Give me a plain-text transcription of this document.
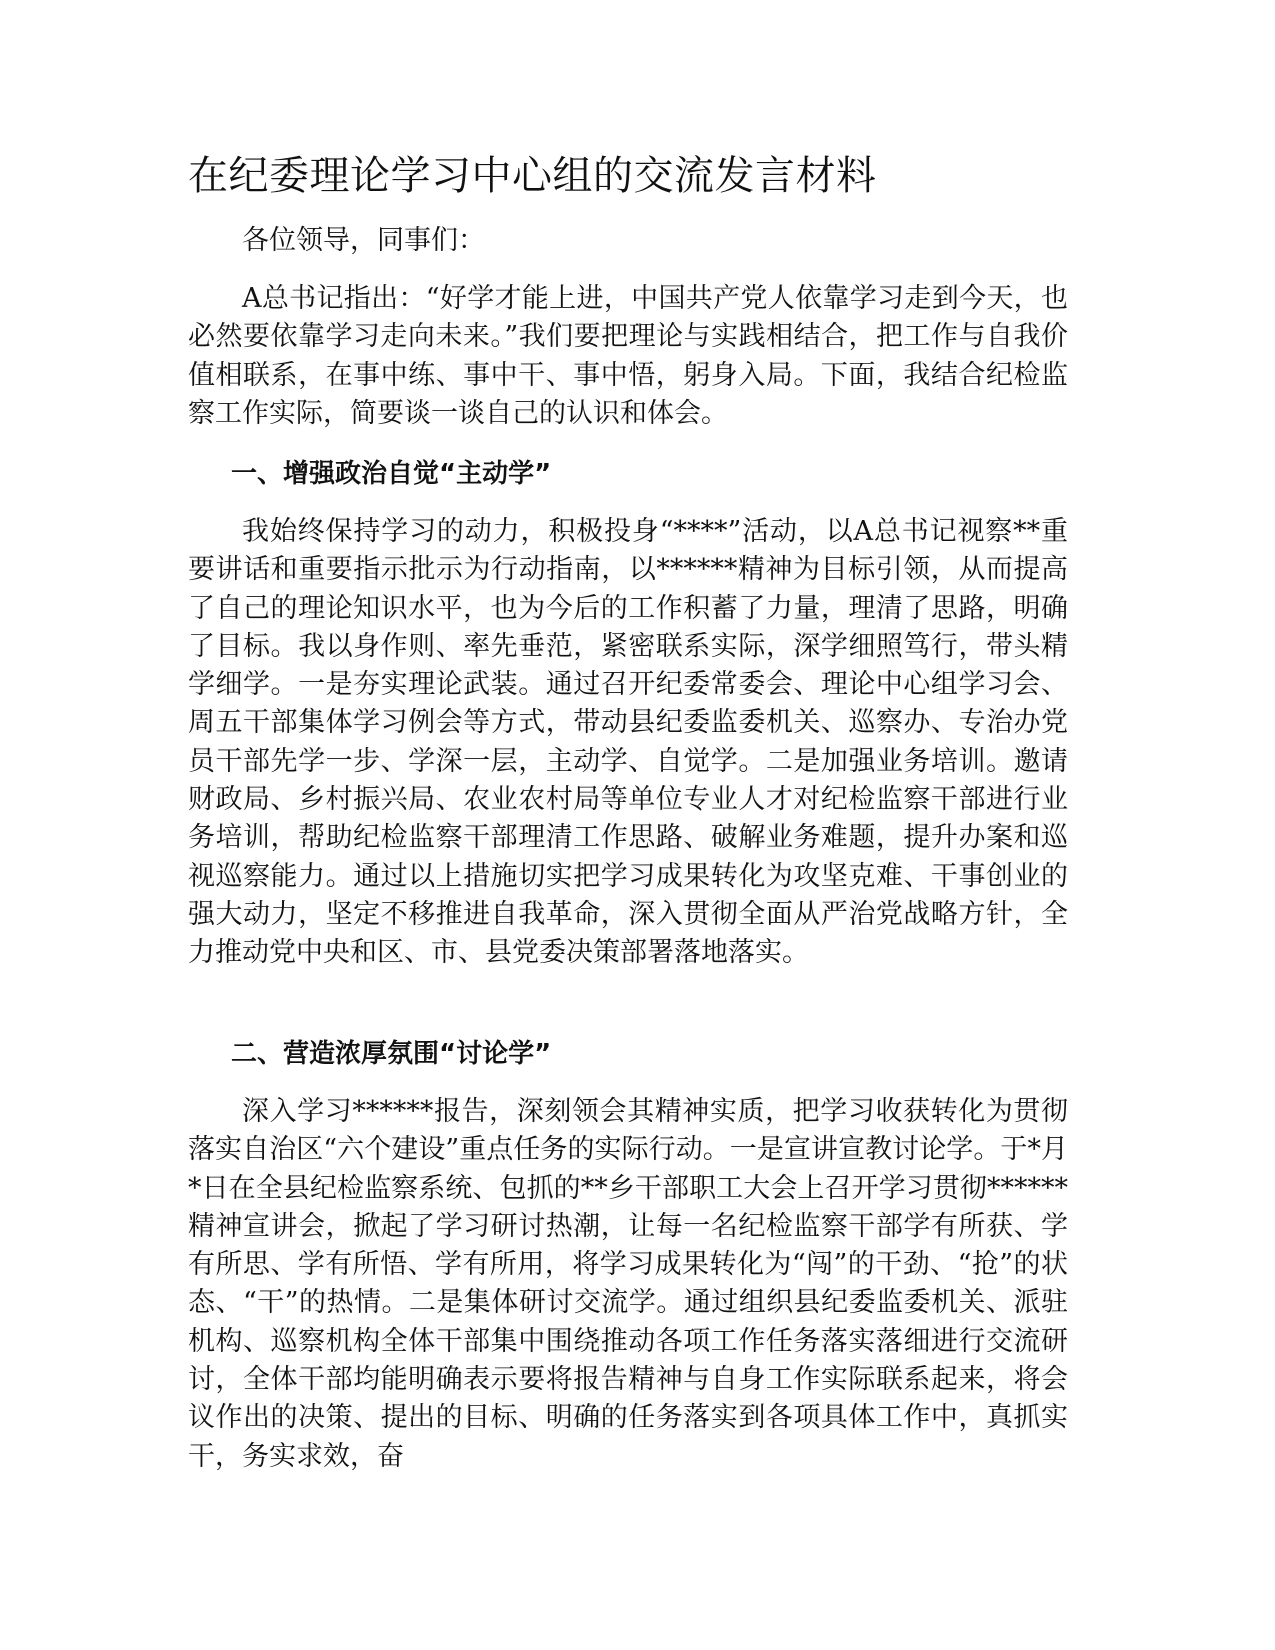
在纪委理论学习中心组的交流发言材料

各位领导，同事们：

A总书记指出：“好学才能上进，中国共产党人依靠学习走到今天，也必然要依靠学习走向未来。”我们要把理论与实践相结合，把工作与自我价值相联系，在事中练、事中干、事中悟，躬身入局。下面，我结合纪检监察工作实际，简要谈一谈自己的认识和体会。

一、增强政治自觉“主动学”

我始终保持学习的动力，积极投身“****”活动，以A总书记视察**重要讲话和重要指示批示为行动指南，以******精神为目标引领，从而提高了自己的理论知识水平，也为今后的工作积蓄了力量，理清了思路，明确了目标。我以身作则、率先垂范，紧密联系实际，深学细照笃行，带头精学细学。一是夯实理论武装。通过召开纪委常委会、理论中心组学习会、周五干部集体学习例会等方式，带动县纪委监委机关、巡察办、专治办党员干部先学一步、学深一层，主动学、自觉学。二是加强业务培训。邀请财政局、乡村振兴局、农业农村局等单位专业人才对纪检监察干部进行业务培训，帮助纪检监察干部理清工作思路、破解业务难题，提升办案和巡视巡察能力。通过以上措施切实把学习成果转化为攻坚克难、干事创业的强大动力，坚定不移推进自我革命，深入贯彻全面从严治党战略方针，全力推动党中央和区、市、县党委决策部署落地落实。

二、营造浓厚氛围“讨论学”

深入学习******报告，深刻领会其精神实质，把学习收获转化为贯彻落实自治区“六个建设”重点任务的实际行动。一是宣讲宣教讨论学。于*月*日在全县纪检监察系统、包抓的**乡干部职工大会上召开学习贯彻******精神宣讲会，掀起了学习研讨热潮，让每一名纪检监察干部学有所获、学有所思、学有所悟、学有所用，将学习成果转化为“闯”的干劲、“抢”的状态、“干”的热情。二是集体研讨交流学。通过组织县纪委监委机关、派驻机构、巡察机构全体干部集中围绕推动各项工作任务落实落细进行交流研讨，全体干部均能明确表示要将报告精神与自身工作实际联系起来，将会议作出的决策、提出的目标、明确的任务落实到各项具体工作中，真抓实干，务实求效，奋
